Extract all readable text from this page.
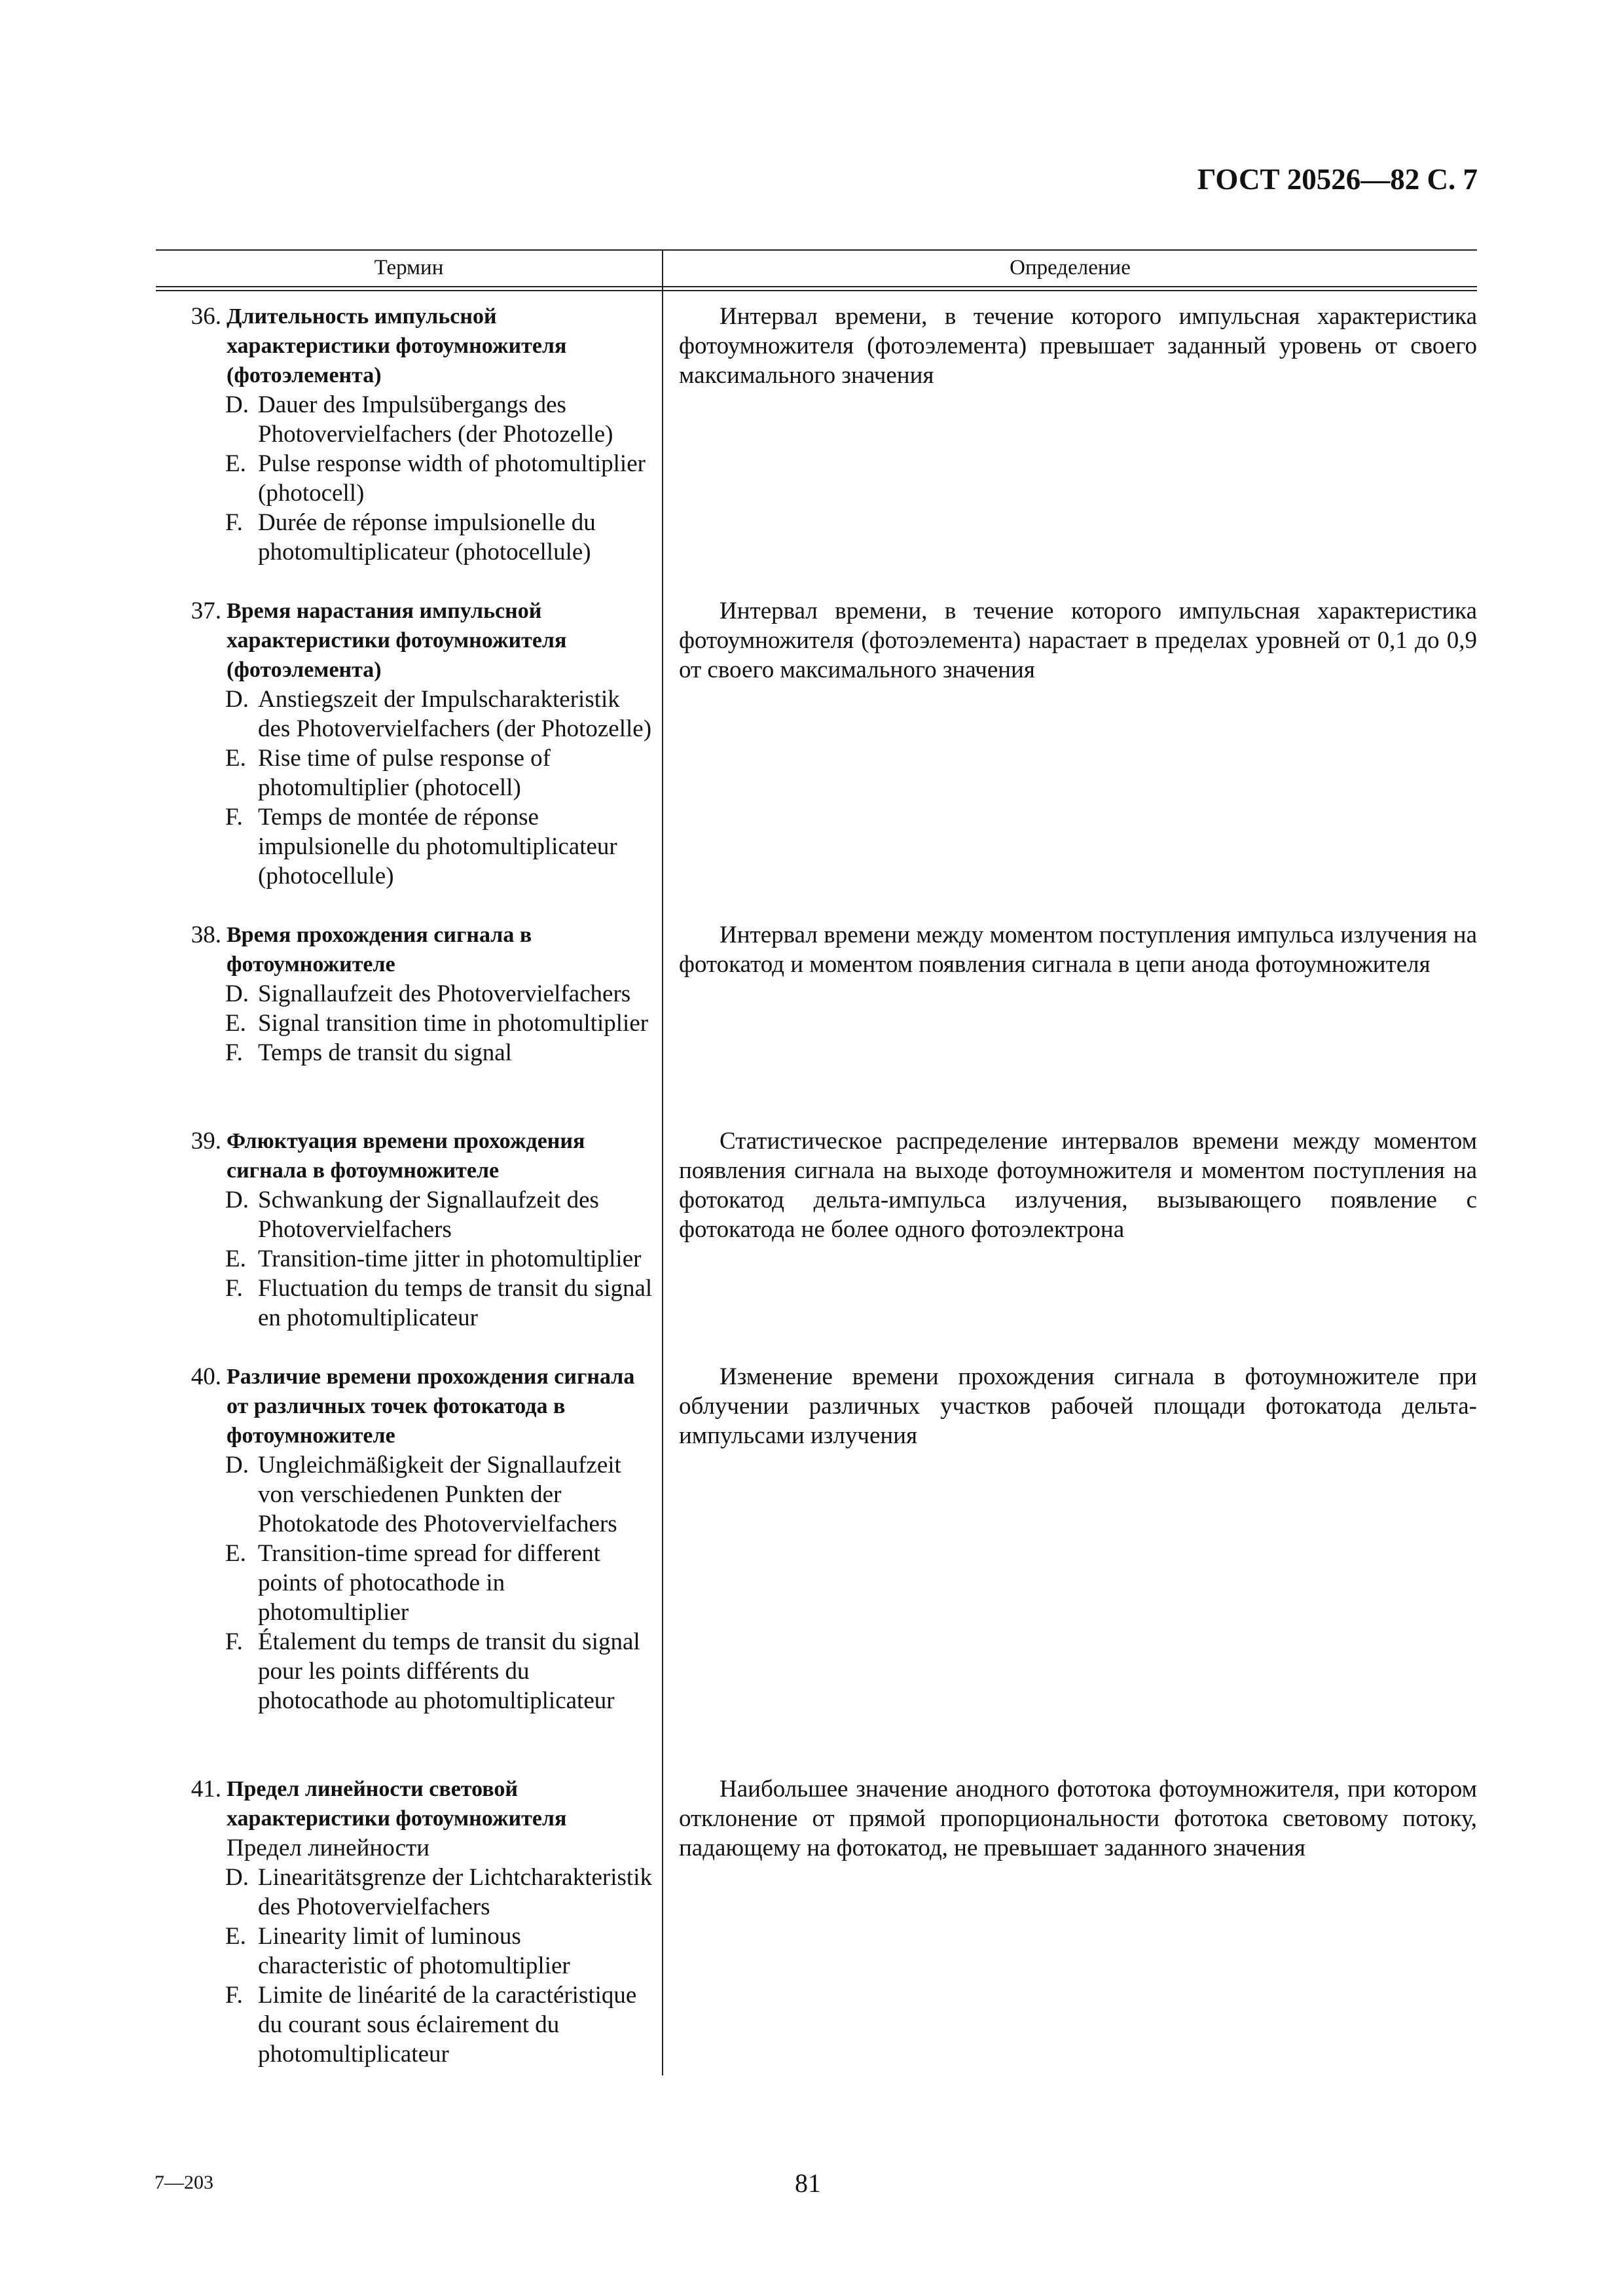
ГОСТ 20526—82 С. 7
Термин	Определение
36. Длительность импульсной характеристики фотоумножителя (фотоэлемента)
D. Dauer des Impulsübergangs des Photovervielfachers (der Photozelle)
E. Pulse response width of photomultiplier (photocell)
F. Durée de réponse impulsionelle du photomultiplicateur (photocellule)
Интервал времени, в течение которого импульсная характеристика фотоумножителя (фотоэлемента) превышает заданный уровень от своего максимального значения
37. Время нарастания импульсной характеристики фотоумножителя (фотоэлемента)
D. Anstiegszeit der Impulscharakteristik des Photovervielfachers (der Photozelle)
E. Rise time of pulse response of photomultiplier (photocell)
F. Temps de montée de réponse impulsionelle du photomultiplicateur (photocellule)
Интервал времени, в течение которого импульсная характеристика фотоумножителя (фотоэлемента) нарастает в пределах уровней от 0,1 до 0,9 от своего максимального значения
38. Время прохождения сигнала в фотоумножителе
D. Signallaufzeit des Photovervielfachers
E. Signal transition time in photomultiplier
F. Temps de transit du signal
Интервал времени между моментом поступления импульса излучения на фотокатод и моментом появления сигнала в цепи анода фотоумножителя
39. Флюктуация времени прохождения сигнала в фотоумножителе
D. Schwankung der Signallaufzeit des Photovervielfachers
E. Transition-time jitter in photomultiplier
F. Fluctuation du temps de transit du signal en photomultiplicateur
Статистическое распределение интервалов времени между моментом появления сигнала на выходе фотоумножителя и моментом поступления на фотокатод дельта-импульса излучения, вызывающего появление с фотокатода не более одного фотоэлектрона
40. Различие времени прохождения сигнала от различных точек фотокатода в фотоумножителе
D. Ungleichmäßigkeit der Signallaufzeit von verschiedenen Punkten der Photokatode des Photovervielfachers
E. Transition-time spread for different points of photocathode in photomultiplier
F. Étalement du temps de transit du signal pour les points différents du photocathode au photomultiplicateur
Изменение времени прохождения сигнала в фотоумножителе при облучении различных участков рабочей площади фотокатода дельта-импульсами излучения
41. Предел линейности световой характеристики фотоумножителя
Предел линейности
D. Linearitätsgrenze der Lichtcharakteristik des Photovervielfachers
E. Linearity limit of luminous characteristic of photomultiplier
F. Limite de linéarité de la caractéristique du courant sous éclairement du photomultiplicateur
Наибольшее значение анодного фототока фотоумножителя, при котором отклонение от прямой пропорциональности фототока световому потоку, падающему на фотокатод, не превышает заданного значения
7—203	81
